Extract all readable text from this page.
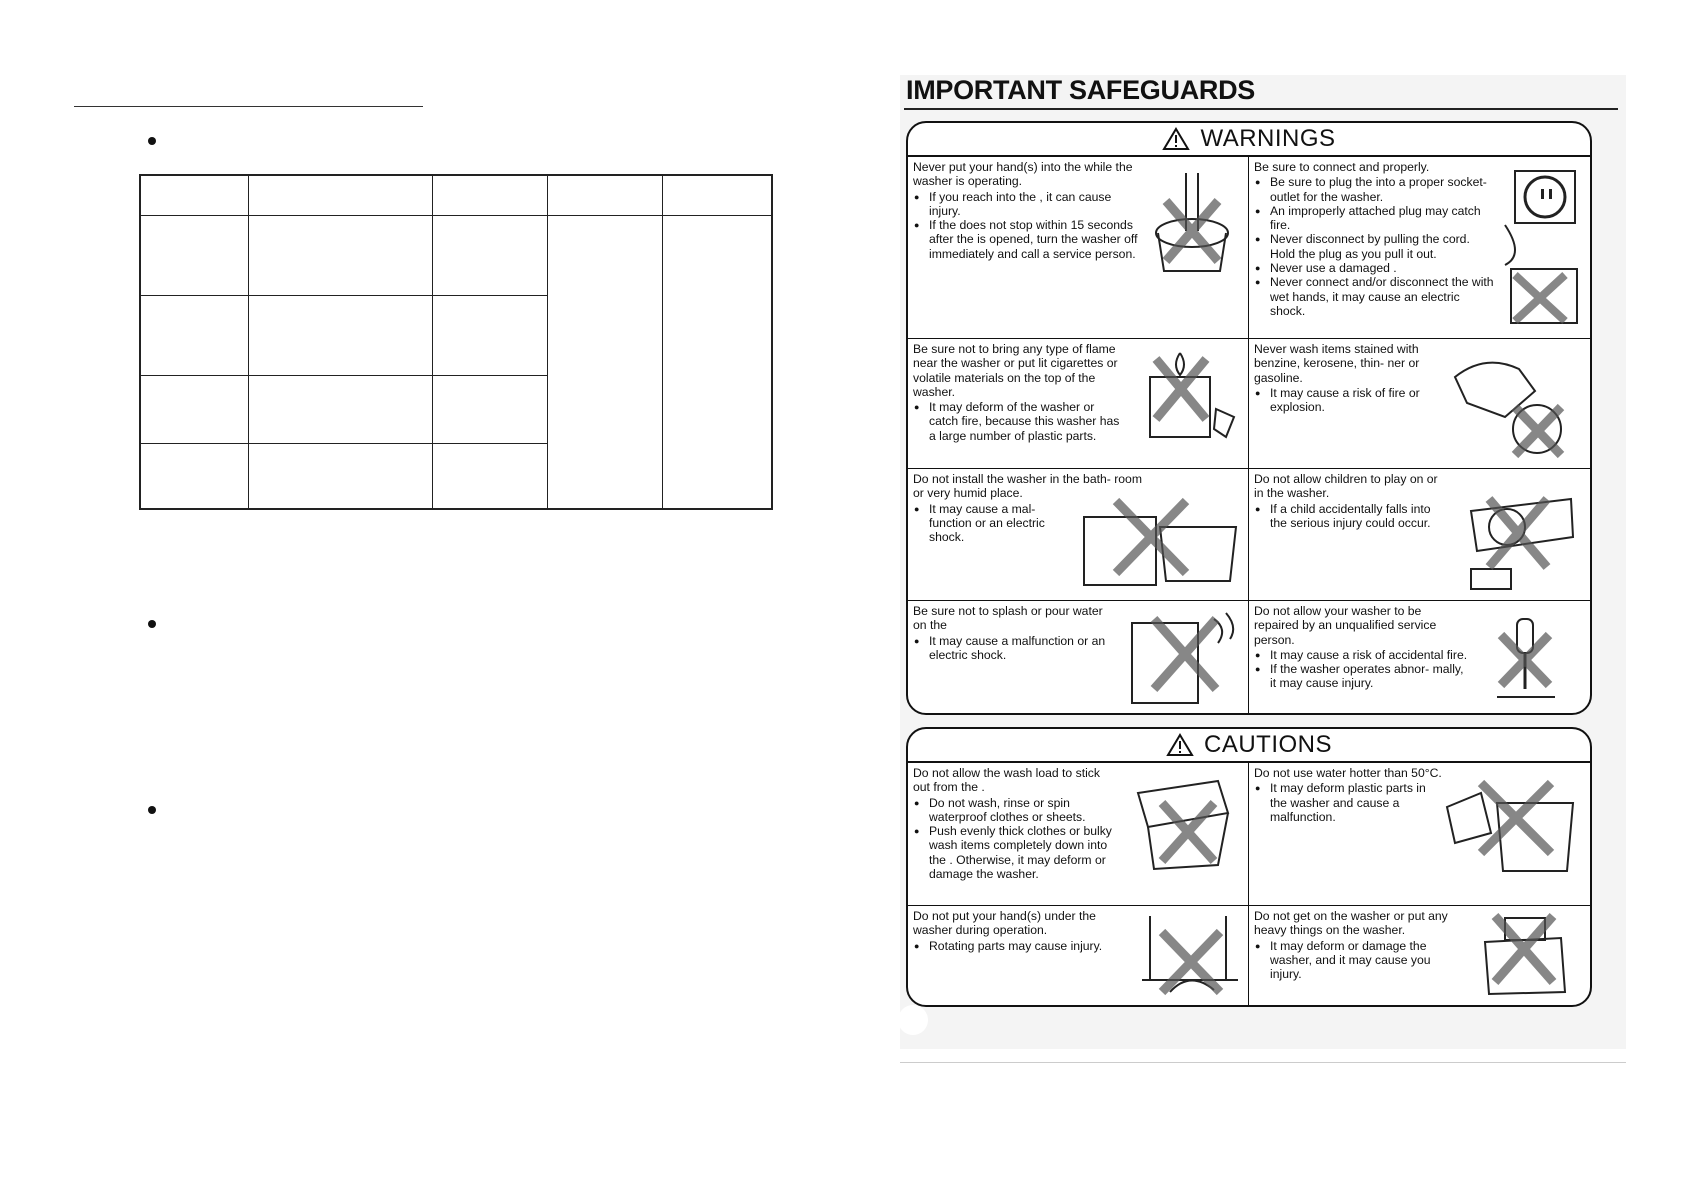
IMPORTANT SAFEGUARDS
WARNINGS
Never put your hand(s) into the while the washer is operating.
● If you reach into the , it can cause injury.
● If the does not stop within 15 seconds after the is opened, turn the washer off immediately and call a service person.
Be sure to connect and properly.
● Be sure to plug the into a proper socket-outlet for the washer.
● An improperly attached plug may catch fire.
● Never disconnect by pulling the cord. Hold the plug as you pull it out.
● Never use a damaged .
● Never connect and/or disconnect the with wet hands, it may cause an electric shock.
Be sure not to bring any type of flame near the washer or put lit cigarettes or volatile materials on the top of the washer.
● It may deform of the washer or catch fire, because this washer has a large number of plastic parts.
Never wash items stained with benzine, kerosene, thin- ner or gasoline.
● It may cause a risk of fire or explosion.
Do not install the washer in the bath- room or very humid place.
● It may cause a mal- function or an electric shock.
Do not allow children to play on or in the washer.
● If a child accidentally falls into the serious injury could occur.
Be sure not to splash or pour water on the
● It may cause a malfunction or an electric shock.
Do not allow your washer to be repaired by an unqualified service person.
● It may cause a risk of accidental fire.
● If the washer operates abnor- mally, it may cause injury.
CAUTIONS
Do not allow the wash load to stick out from the .
● Do not wash, rinse or spin waterproof clothes or sheets.
● Push evenly thick clothes or bulky wash items completely down into the . Otherwise, it may deform or damage the washer.
Do not use water hotter than 50°C.
● It may deform plastic parts in the washer and cause a malfunction.
Do not put your hand(s) under the washer during operation.
● Rotating parts may cause injury.
Do not get on the washer or put any heavy things on the washer.
● It may deform or damage the washer, and it may cause you injury.
